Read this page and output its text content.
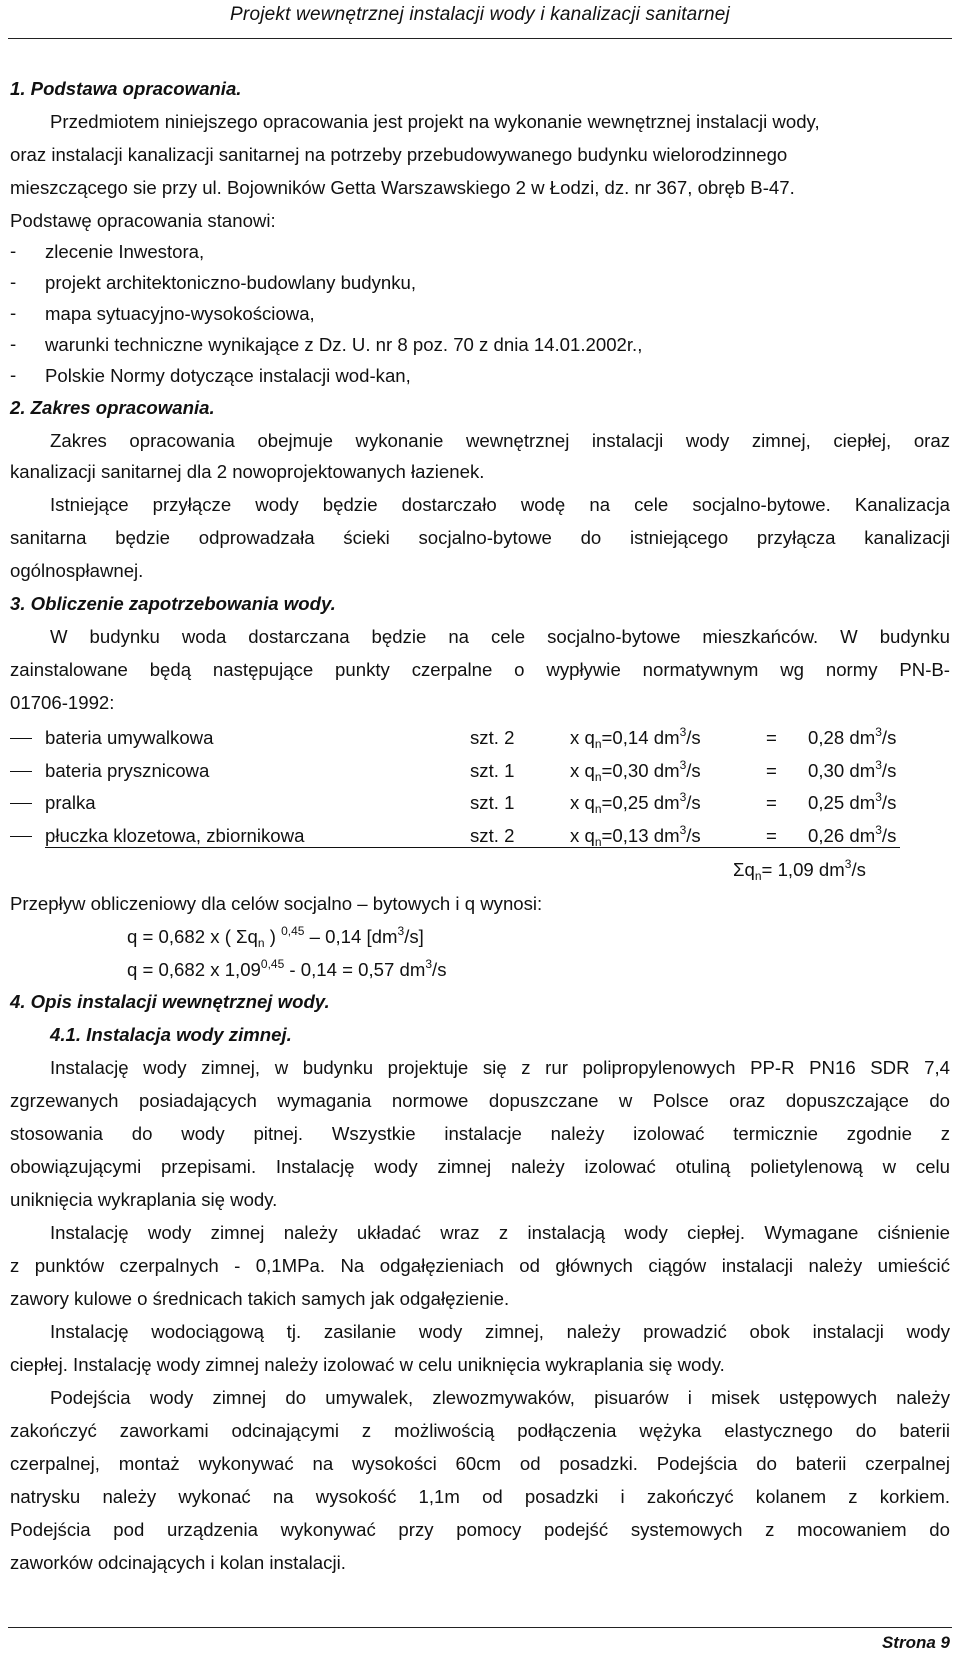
Projekt wewnętrznej instalacji wody i kanalizacji sanitarnej
1. Podstawa opracowania.
Przedmiotem niniejszego opracowania jest projekt na wykonanie wewnętrznej instalacji wody,
oraz instalacji kanalizacji sanitarnej na potrzeby przebudowywanego budynku wielorodzinnego
mieszczącego sie przy ul. Bojowników Getta Warszawskiego 2 w Łodzi, dz. nr 367, obręb B-47.
Podstawę opracowania stanowi:
- zlecenie Inwestora,
- projekt architektoniczno-budowlany budynku,
- mapa sytuacyjno-wysokościowa,
- warunki techniczne wynikające z Dz. U. nr 8 poz. 70 z dnia 14.01.2002r.,
- Polskie Normy dotyczące instalacji wod-kan,
2. Zakres opracowania.
Zakres opracowania obejmuje wykonanie wewnętrznej instalacji wody zimnej, ciepłej, oraz
kanalizacji sanitarnej dla 2 nowoprojektowanych łazienek.
Istniejące przyłącze wody będzie dostarczało wodę na cele socjalno-bytowe. Kanalizacja
sanitarna będzie odprowadzała ścieki socjalno-bytowe do istniejącego przyłącza kanalizacji
ogólnospławnej.
3. Obliczenie zapotrzebowania wody.
W budynku woda dostarczana będzie na cele socjalno-bytowe mieszkańców. W budynku
zainstalowane będą następujące punkty czerpalne o wypływie normatywnym wg normy PN-B-
01706-1992:
bateria umywalkowa	szt. 2	x $q_n=0,14$ $dm^3/s$	= 0,28 $dm^3/s$
bateria prysznicowa	szt. 1	x $q_n=0,30$ $dm^3/s$	= 0,30 $dm^3/s$
pralka	szt. 1	x $q_n=0,25$ $dm^3/s$	= 0,25 $dm^3/s$
płuczka klozetowa, zbiornikowa	szt. 2	x $q_n=0,13$ $dm^3/s$	= 0,26 $dm^3/s$
$\Sigma q_n= 1,09$ $dm^3/s$
Przepływ obliczeniowy dla celów socjalno – bytowych i q wynosi:
q = 0,682 x ( $\Sigma q_n$ ) $^{0,45}$ – 0,14 $[dm^3/s]$
q = 0,682 x 1,09$^{0,45}$ - 0,14 = 0,57 $dm^3/s$
4. Opis instalacji wewnętrznej wody.
4.1. Instalacja wody zimnej.
Instalację wody zimnej, w budynku projektuje się z rur polipropylenowych PP-R PN16 SDR 7,4
zgrzewanych posiadających wymagania normowe dopuszczane w Polsce oraz dopuszczające do
stosowania do wody pitnej. Wszystkie instalacje należy izolować termicznie zgodnie z
obowiązującymi przepisami. Instalację wody zimnej należy izolować otuliną polietylenową w celu
uniknięcia wykraplania się wody.
Instalację wody zimnej należy układać wraz z instalacją wody ciepłej. Wymagane ciśnienie
z punktów czerpalnych - 0,1MPa. Na odgałęzieniach od głównych ciągów instalacji należy umieścić
zawory kulowe o średnicach takich samych jak odgałęzienie.
Instalację wodociągową tj. zasilanie wody zimnej, należy prowadzić obok instalacji wody
ciepłej. Instalację wody zimnej należy izolować w celu uniknięcia wykraplania się wody.
Podejścia wody zimnej do umywalek, zlewozmywaków, pisuarów i misek ustępowych należy
zakończyć zaworkami odcinającymi z możliwością podłączenia wężyka elastycznego do baterii
czerpalnej, montaż wykonywać na wysokości 60cm od posadzki. Podejścia do baterii czerpalnej
natrysku należy wykonać na wysokość 1,1m od posadzki i zakończyć kolanem z korkiem.
Podejścia pod urządzenia wykonywać przy pomocy podejść systemowych z mocowaniem do
zaworków odcinających i kolan instalacji.
Strona 9
